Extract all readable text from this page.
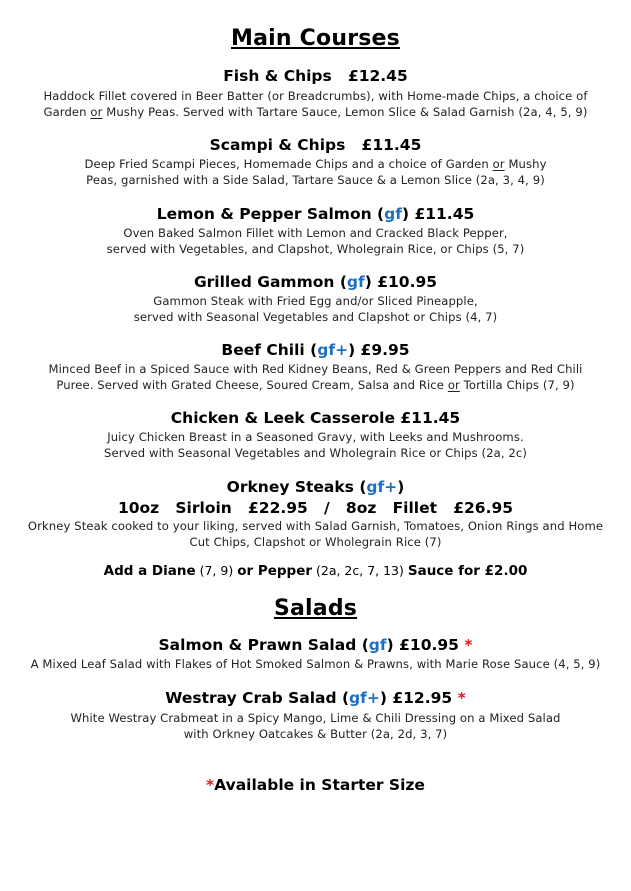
Main Courses
Fish & Chips £12.45
Haddock Fillet covered in Beer Batter (or Breadcrumbs), with Home-made Chips, a choice of
Garden or Mushy Peas. Served with Tartare Sauce, Lemon Slice & Salad Garnish (2a, 4, 5, 9)
Scampi & Chips £11.45
Deep Fried Scampi Pieces, Homemade Chips and a choice of Garden or Mushy
Peas, garnished with a Side Salad, Tartare Sauce & a Lemon Slice (2a, 3, 4, 9)
Lemon & Pepper Salmon (gf) £11.45
Oven Baked Salmon Fillet with Lemon and Cracked Black Pepper,
served with Vegetables, and Clapshot, Wholegrain Rice, or Chips (5, 7)
Grilled Gammon (gf) £10.95
Gammon Steak with Fried Egg and/or Sliced Pineapple,
served with Seasonal Vegetables and Clapshot or Chips (4, 7)
Beef Chili (gf+) £9.95
Minced Beef in a Spiced Sauce with Red Kidney Beans, Red & Green Peppers and Red Chili
Puree. Served with Grated Cheese, Soured Cream, Salsa and Rice or Tortilla Chips (7, 9)
Chicken & Leek Casserole £11.45
Juicy Chicken Breast in a Seasoned Gravy, with Leeks and Mushrooms.
Served with Seasonal Vegetables and Wholegrain Rice or Chips (2a, 2c)
Orkney Steaks (gf+)
10oz   Sirloin £22.95 / 8oz   Fillet £26.95
Orkney Steak cooked to your liking, served with Salad Garnish, Tomatoes, Onion Rings and Home
Cut Chips, Clapshot or Wholegrain Rice (7)
Add a Diane (7, 9) or Pepper (2a, 2c, 7, 13) Sauce for £2.00
Salads
Salmon & Prawn Salad (gf) £10.95 *
A Mixed Leaf Salad with Flakes of Hot Smoked Salmon & Prawns, with Marie Rose Sauce (4, 5, 9)
Westray Crab Salad (gf+) £12.95 *
White Westray Crabmeat in a Spicy Mango, Lime & Chili Dressing on a Mixed Salad
with Orkney Oatcakes & Butter (2a, 2d, 3, 7)
*Available in Starter Size
